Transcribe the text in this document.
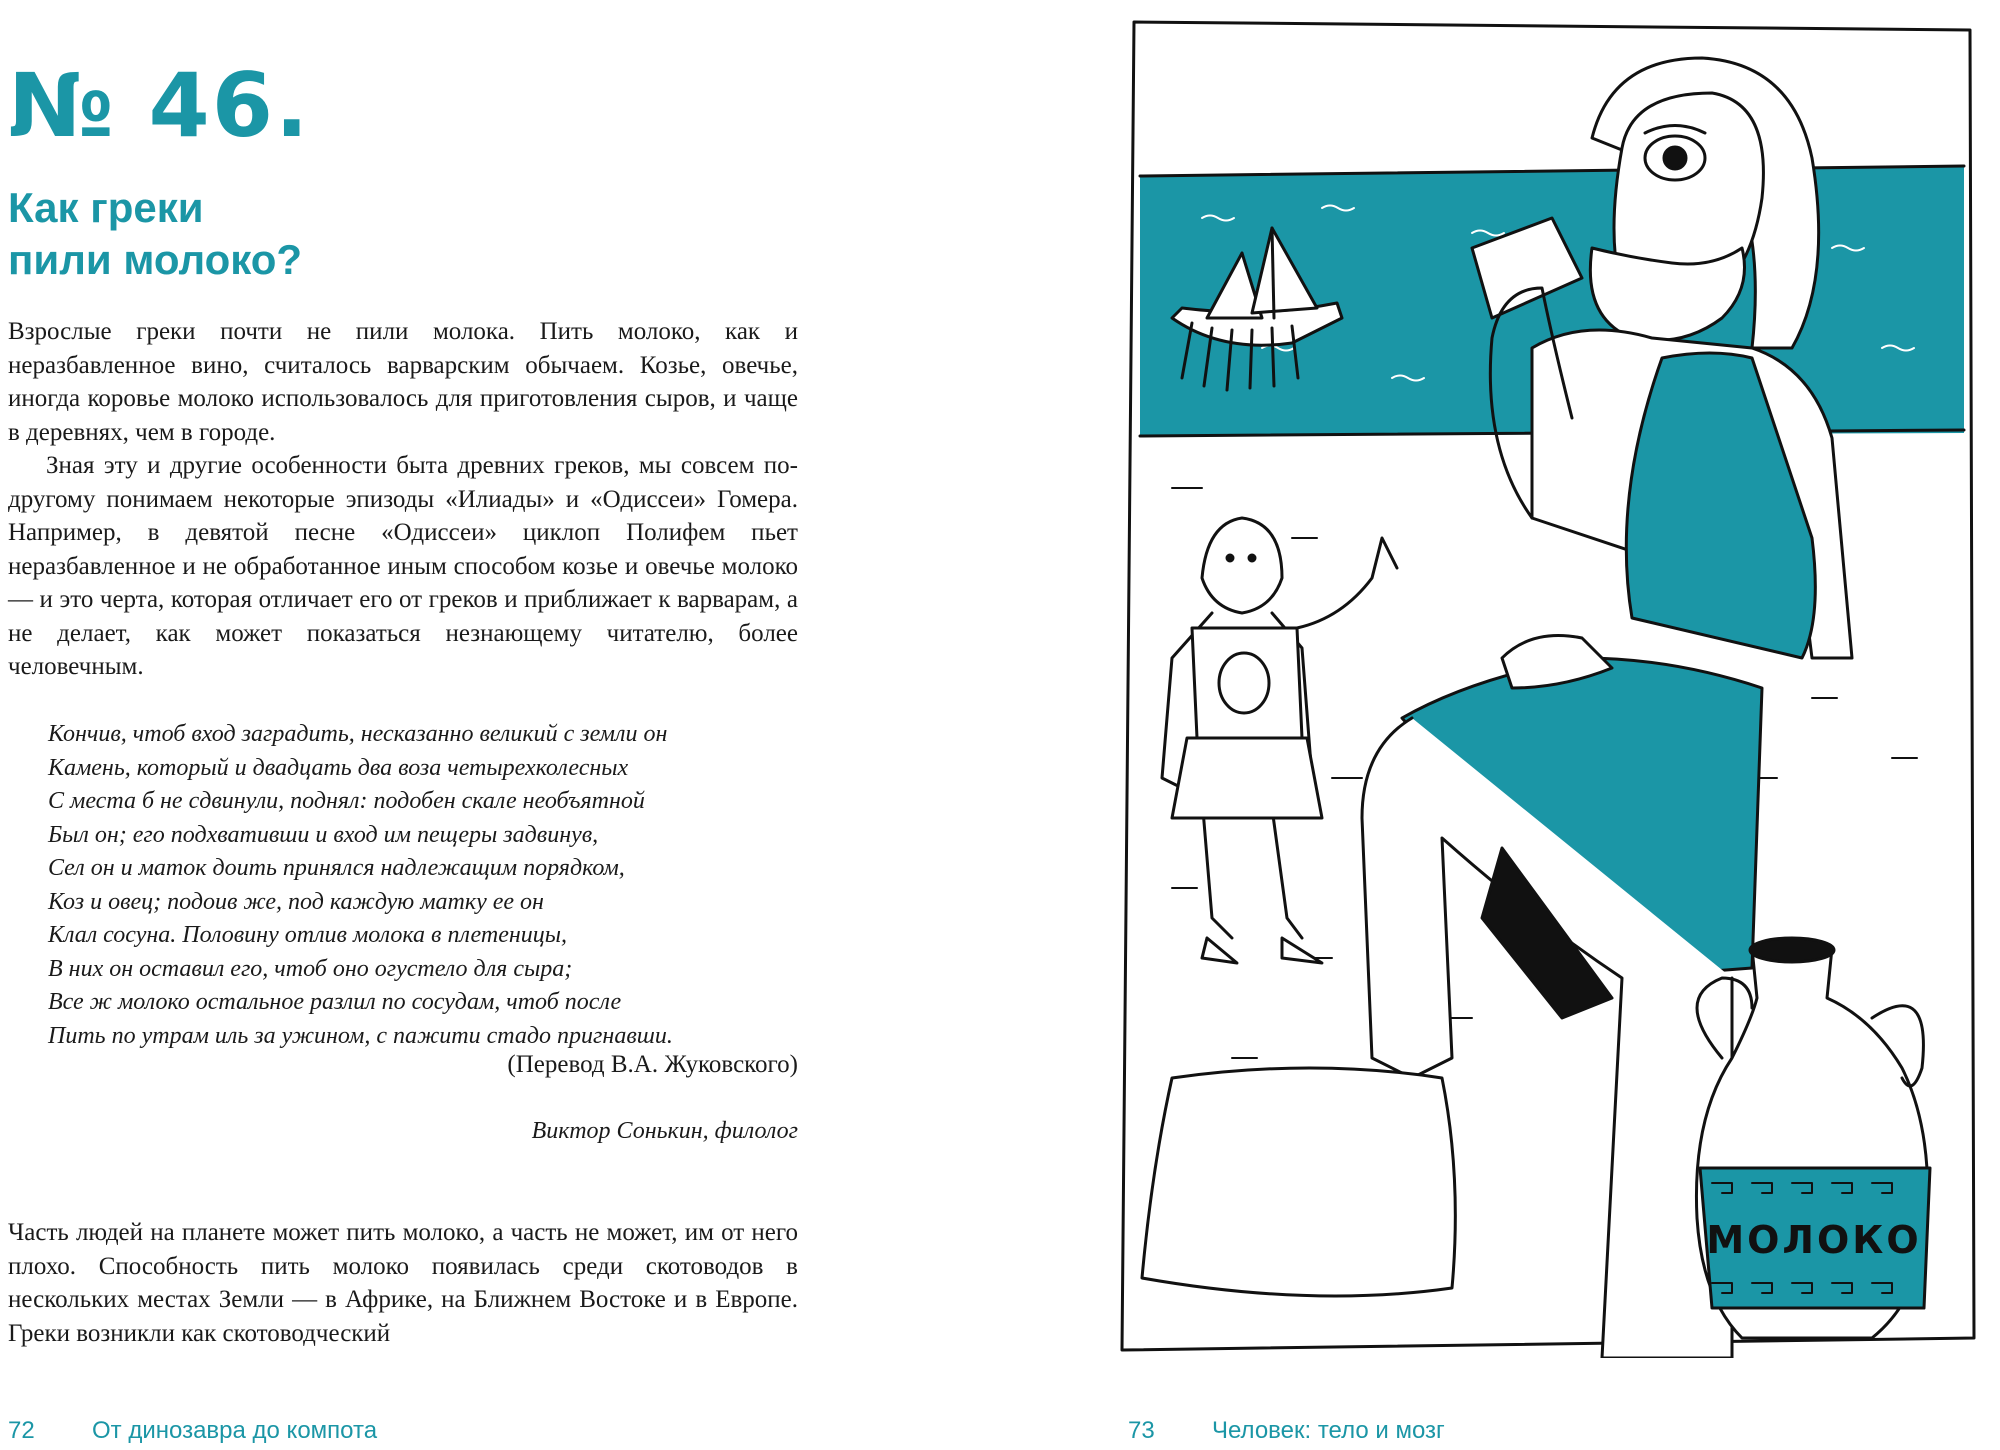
№ 46.
Как греки
пили молоко?

Взрослые греки почти не пили молока. Пить молоко, как и неразбавленное вино, считалось варварским обычаем. Козье, овечье, иногда коровье молоко использовалось для приготовления сыров, и чаще в деревнях, чем в городе.

Зная эту и другие особенности быта древних греков, мы совсем по-другому понимаем некоторые эпизоды «Илиады» и «Одиссеи» Гомера. Например, в девятой песне «Одиссеи» циклоп Полифем пьет неразбавленное и не обработанное иным способом козье и овечье молоко — и это черта, которая отличает его от греков и приближает к варварам, а не делает, как может показаться незнающему читателю, более человечным.

Кончив, чтоб вход заградить, несказанно великий с земли он
Камень, который и двадцать два воза четырехколесных
С места б не сдвинули, поднял: подобен скале необъятной
Был он; его подхвативши и вход им пещеры задвинув,
Сел он и маток доить принялся надлежащим порядком,
Коз и овец; подоив же, под каждую матку ее он
Клал сосуна. Половину отлив молока в плетеницы,
В них он оставил его, чтоб оно огустело для сыра;
Все ж молоко остальное разлил по сосудам, чтоб после
Пить по утрам иль за ужином, с пажити стадо пригнавши.
(Перевод В.А. Жуковского)
Виктор Сонькин, филолог

Часть людей на планете может пить молоко, а часть не может, им от него плохо. Способность пить молоко появилась среди скотоводов в нескольких местах Земли — в Африке, на Ближнем Востоке и в Европе. Греки возникли как скотоводческий

72 От динозавра до компота	73 Человек: тело и мозг
МОЛОКО
